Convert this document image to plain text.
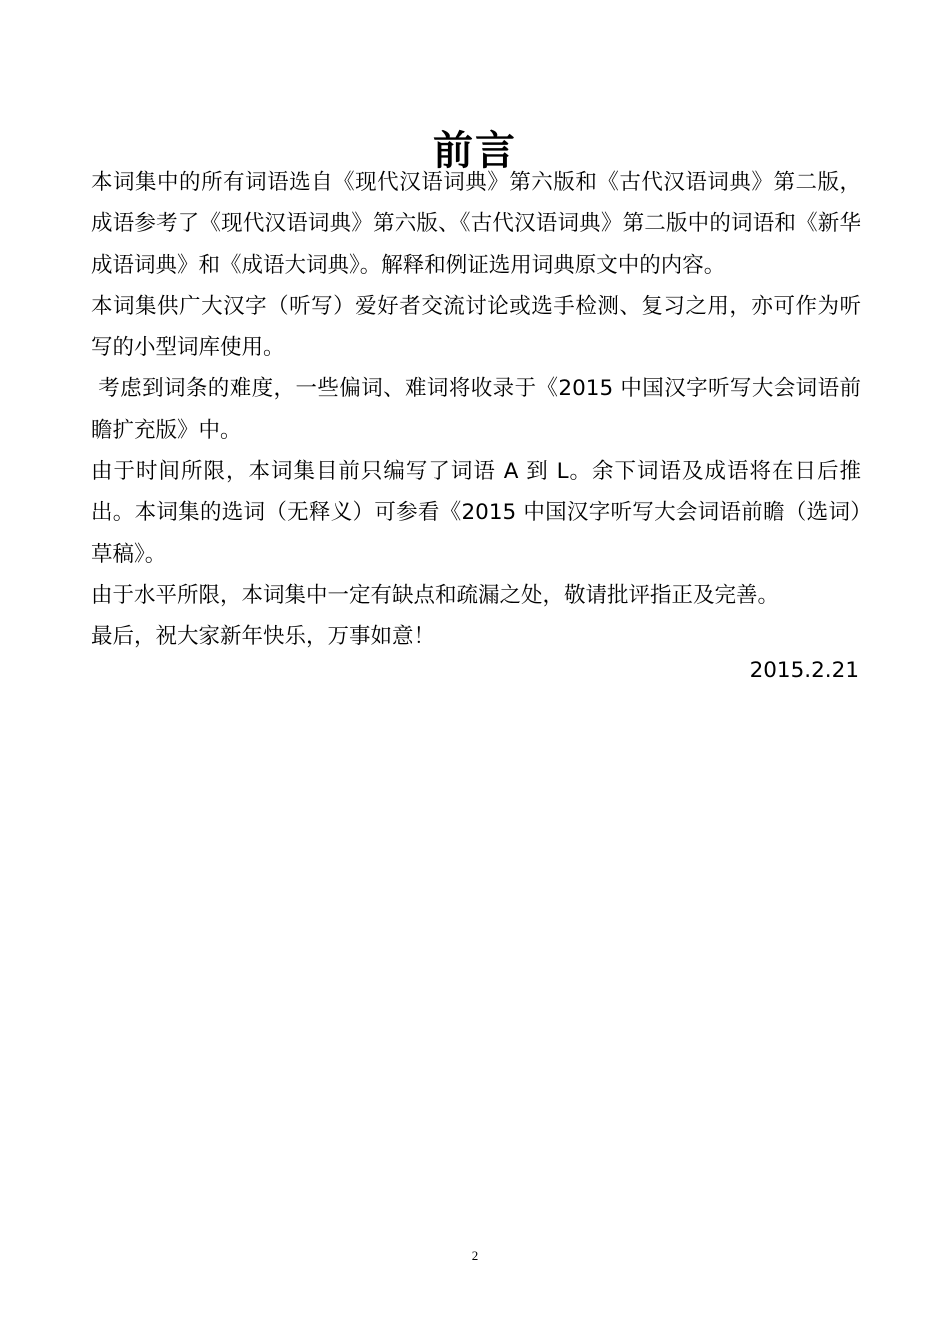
前言

本词集中的所有词语选自《现代汉语词典》第六版和《古代汉语词典》第二版，成语参考了《现代汉语词典》第六版、《古代汉语词典》第二版中的词语和《新华成语词典》和《成语大词典》。解释和例证选用词典原文中的内容。

本词集供广大汉字（听写）爱好者交流讨论或选手检测、复习之用，亦可作为听写的小型词库使用。

考虑到词条的难度，一些偏词、难词将收录于《2015 中国汉字听写大会词语前瞻扩充版》中。

由于时间所限，本词集目前只编写了词语 A 到 L。余下词语及成语将在日后推出。本词集的选词（无释义）可参看《2015 中国汉字听写大会词语前瞻（选词）草稿》。

由于水平所限，本词集中一定有缺点和疏漏之处，敬请批评指正及完善。

最后，祝大家新年快乐，万事如意！

2015.2.21
2
